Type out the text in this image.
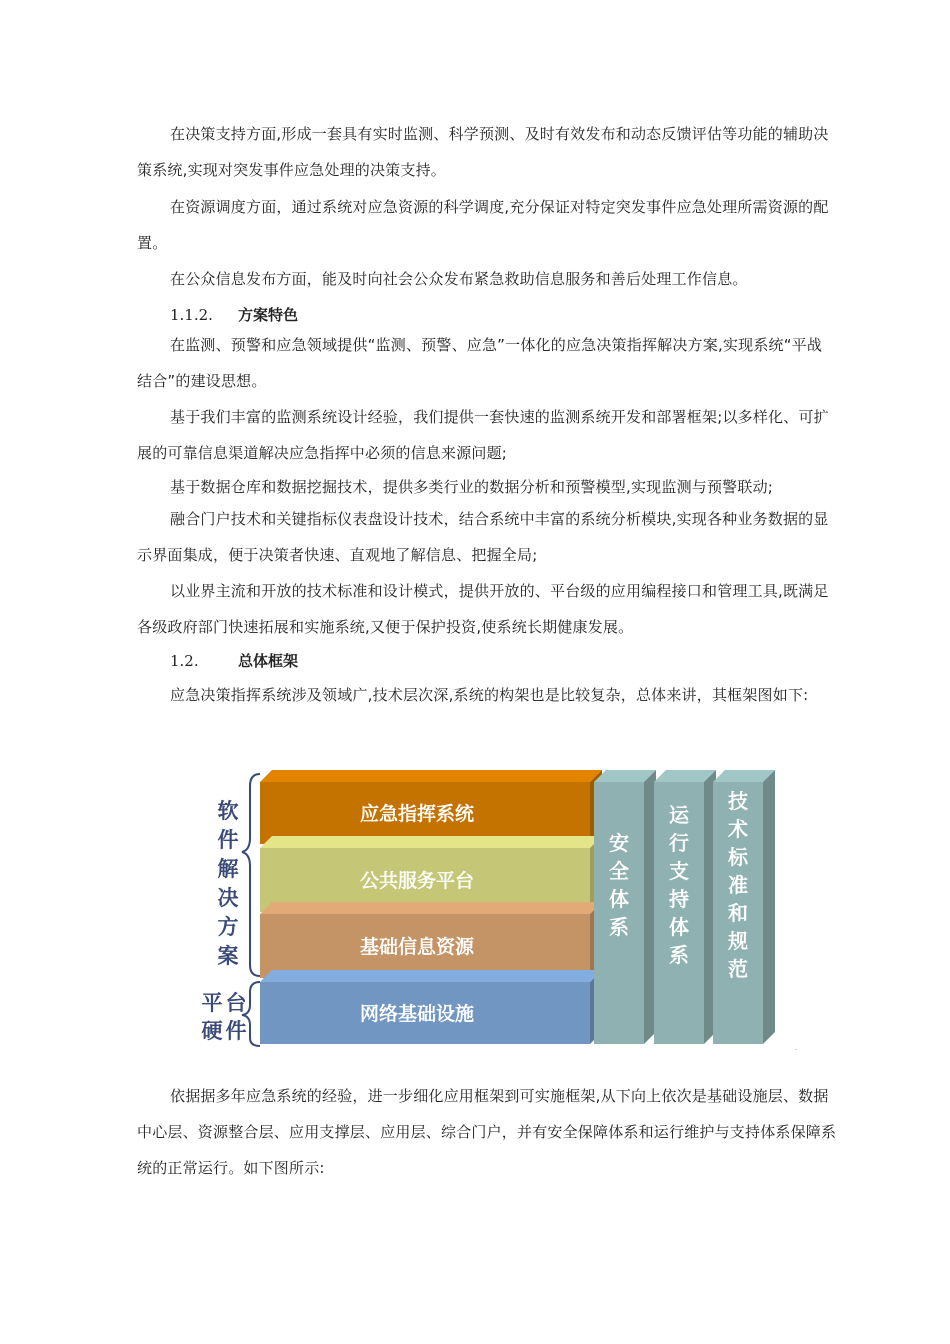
在决策支持方面,形成一套具有实时监测、科学预测、及时有效发布和动态反馈评估等功能的辅助决策系统,实现对突发事件应急处理的决策支持。

在资源调度方面，通过系统对应急资源的科学调度,充分保证对特定突发事件应急处理所需资源的配置。

在公众信息发布方面，能及时向社会公众发布紧急救助信息服务和善后处理工作信息。

1.1.2. 方案特色

在监测、预警和应急领域提供“监测、预警、应急”一体化的应急决策指挥解决方案,实现系统“平战结合”的建设思想。

基于我们丰富的监测系统设计经验，我们提供一套快速的监测系统开发和部署框架;以多样化、可扩展的可靠信息渠道解决应急指挥中必须的信息来源问题;

基于数据仓库和数据挖掘技术，提供多类行业的数据分析和预警模型,实现监测与预警联动;

融合门户技术和关键指标仪表盘设计技术，结合系统中丰富的系统分析模块,实现各种业务数据的显示界面集成，便于决策者快速、直观地了解信息、把握全局;

以业界主流和开放的技术标准和设计模式，提供开放的、平台级的应用编程接口和管理工具,既满足各级政府部门快速拓展和实施系统,又便于保护投资,使系统长期健康发展。

1.2.	总体框架

应急决策指挥系统涉及领域广,技术层次深,系统的构架也是比较复杂，总体来讲，其框架图如下:

软件解决方案
平硬台件
应急指挥系统
公共服务平台
基础信息资源
网络基础设施
安全体系
运行支持体系
技术标准和规范
.

依据据多年应急系统的经验，进一步细化应用框架到可实施框架,从下向上依次是基础设施层、数据中心层、资源整合层、应用支撑层、应用层、综合门户，并有安全保障体系和运行维护与支持体系保障系统的正常运行。如下图所示:
